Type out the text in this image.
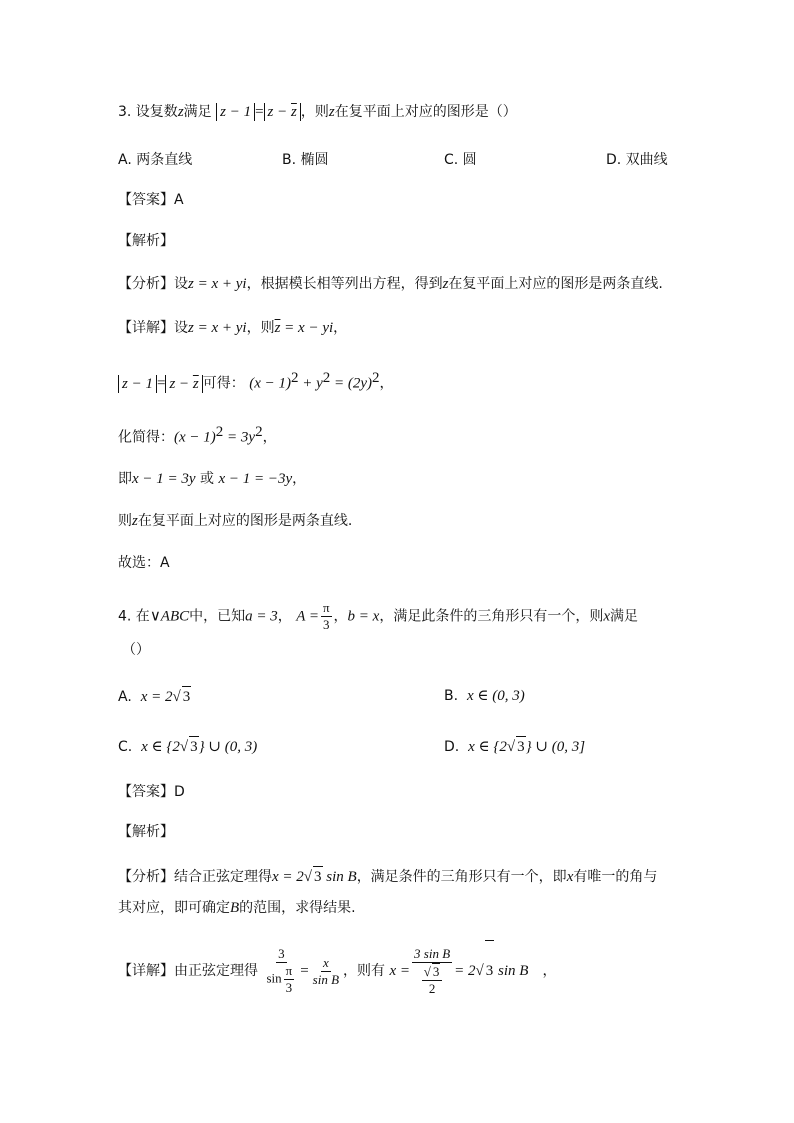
3. 设复数z满足 $z - 1 = z - \overline{z}$ ，则z在复平面上对应的图形是（）
A. 两条直线	B. 椭圆	C. 圆	D. 双曲线
【答案】A
【解析】
【分析】设z = x + yi，根据模长相等列出方程，得到z在复平面上对应的图形是两条直线.
【详解】设z = x + yi，则$\overline{z} = x$ − yi，
$z - 1 = z - \overline{z}$ 可得： $(x - 1)^2 + y^2 = (2y)^2$，
化简得：$(x - 1)^2 = 3y^2$，
即x − 1 = 3y 或 x − 1 = −3y，
则z在复平面上对应的图形是两条直线.
故选：A
4. 在∨ABC中，已知a = 3， $A = \frac{\pi}{3}$ ，b = x，满足此条件的三角形只有一个，则x满足
（）
A. x = 2√ 3	B. x ∈ (0, 3)
C. x ∈ {2√ 3} ∪ (0, 3)	D. x ∈ {2√ 3} ∪ (0, 3]
【答案】D
【解析】
【分析】结合正弦定理得x = 2√ 3 sin B，满足条件的三角形只有一个，即x有唯一的角与
其对应，即可确定B的范围，求得结果.
【详解】由正弦定理得 $\frac{3}{\sin \frac{\pi}{3}} = \frac{x}{\text{sin B}}$ ，则有 $x = \frac{\text{3 sin B}}{\frac{√ 3}{2}} = 2√$ 3 sin B ，
